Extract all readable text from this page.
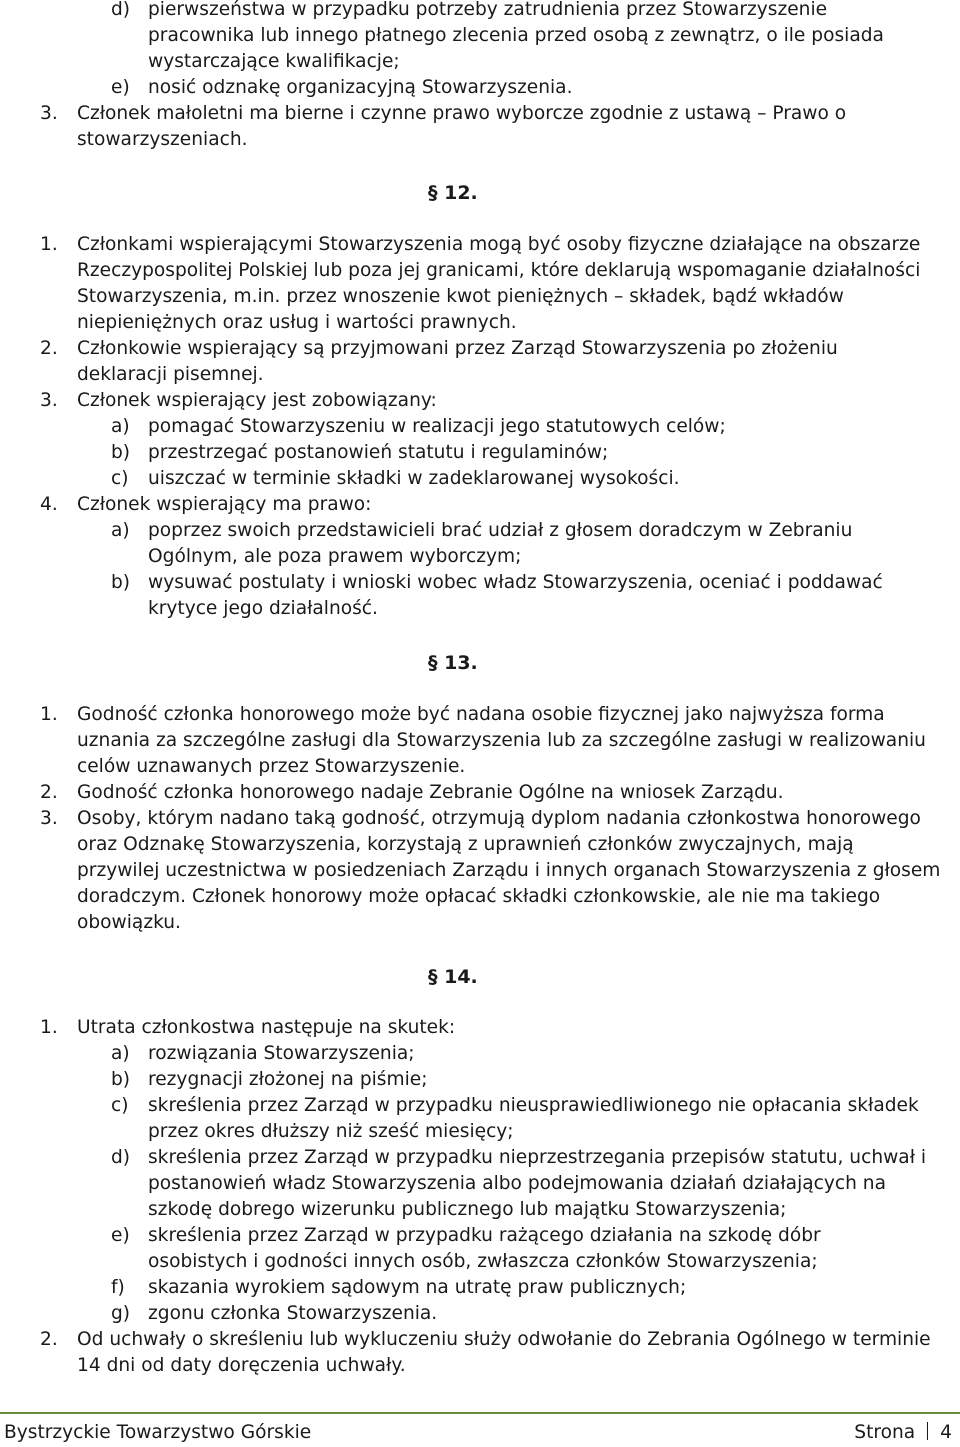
d) pierwszeństwa w przypadku potrzeby zatrudnienia przez Stowarzyszenie
pracownika lub innego płatnego zlecenia przed osobą z zewnątrz, o ile posiada
wystarczające kwalifikacje;
e) nosić odznakę organizacyjną Stowarzyszenia.
3. Członek małoletni ma bierne i czynne prawo wyborcze zgodnie z ustawą – Prawo o
stowarzyszeniach.
§ 12.
1. Członkami wspierającymi Stowarzyszenia mogą być osoby fizyczne działające na obszarze
Rzeczypospolitej Polskiej lub poza jej granicami, które deklarują wspomaganie działalności
Stowarzyszenia, m.in. przez wnoszenie kwot pieniężnych – składek, bądź wkładów
niepieniężnych oraz usług i wartości prawnych.
2. Członkowie wspierający są przyjmowani przez Zarząd Stowarzyszenia po złożeniu
deklaracji pisemnej.
3. Członek wspierający jest zobowiązany:
a) pomagać Stowarzyszeniu w realizacji jego statutowych celów;
b) przestrzegać postanowień statutu i regulaminów;
c) uiszczać w terminie składki w zadeklarowanej wysokości.
4. Członek wspierający ma prawo:
a) poprzez swoich przedstawicieli brać udział z głosem doradczym w Zebraniu
Ogólnym, ale poza prawem wyborczym;
b) wysuwać postulaty i wnioski wobec władz Stowarzyszenia, oceniać i poddawać
krytyce jego działalność.
§ 13.
1. Godność członka honorowego może być nadana osobie fizycznej jako najwyższa forma
uznania za szczególne zasługi dla Stowarzyszenia lub za szczególne zasługi w realizowaniu
celów uznawanych przez Stowarzyszenie.
2. Godność członka honorowego nadaje Zebranie Ogólne na wniosek Zarządu.
3. Osoby, którym nadano taką godność, otrzymują dyplom nadania członkostwa honorowego
oraz Odznakę Stowarzyszenia, korzystają z uprawnień członków zwyczajnych, mają
przywilej uczestnictwa w posiedzeniach Zarządu i innych organach Stowarzyszenia z głosem
doradczym. Członek honorowy może opłacać składki członkowskie, ale nie ma takiego
obowiązku.
§ 14.
1. Utrata członkostwa następuje na skutek:
a) rozwiązania Stowarzyszenia;
b) rezygnacji złożonej na piśmie;
c) skreślenia przez Zarząd w przypadku nieusprawiedliwionego nie opłacania składek
przez okres dłuższy niż sześć miesięcy;
d) skreślenia przez Zarząd w przypadku nieprzestrzegania przepisów statutu, uchwał i
postanowień władz Stowarzyszenia albo podejmowania działań działających na
szkodę dobrego wizerunku publicznego lub majątku Stowarzyszenia;
e) skreślenia przez Zarząd w przypadku rażącego działania na szkodę dóbr
osobistych i godności innych osób, zwłaszcza członków Stowarzyszenia;
f) skazania wyrokiem sądowym na utratę praw publicznych;
g) zgonu członka Stowarzyszenia.
2. Od uchwały o skreśleniu lub wykluczeniu służy odwołanie do Zebrania Ogólnego w terminie
14 dni od daty doręczenia uchwały.
Bystrzyckie Towarzystwo Górskie	Strona 4
